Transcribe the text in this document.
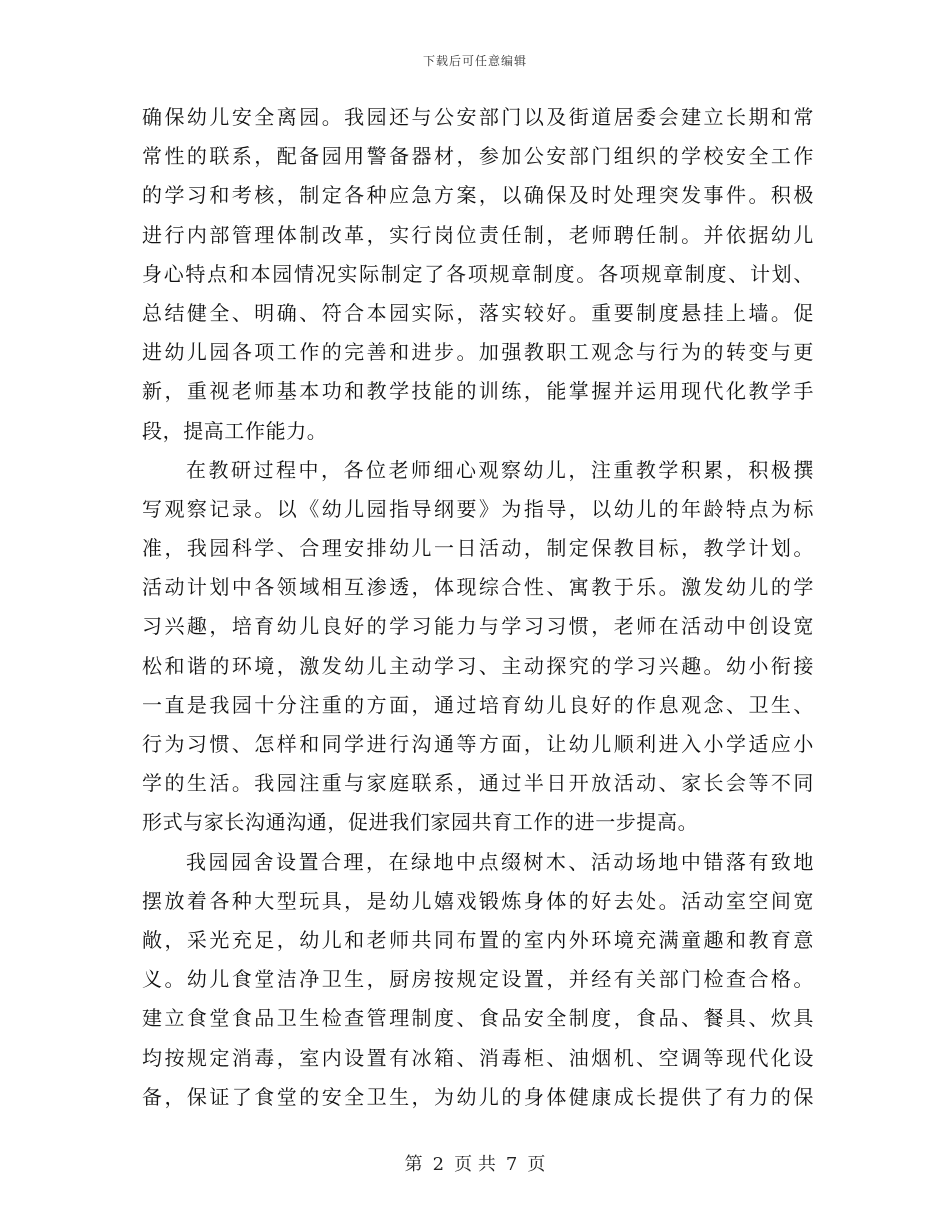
下载后可任意编辑
确保幼儿安全离园。我园还与公安部门以及街道居委会建立长期和常
常性的联系，配备园用警备器材，参加公安部门组织的学校安全工作
的学习和考核，制定各种应急方案，以确保及时处理突发事件。积极
进行内部管理体制改革，实行岗位责任制，老师聘任制。并依据幼儿
身心特点和本园情况实际制定了各项规章制度。各项规章制度、计划、
总结健全、明确、符合本园实际，落实较好。重要制度悬挂上墙。促
进幼儿园各项工作的完善和进步。加强教职工观念与行为的转变与更
新，重视老师基本功和教学技能的训练，能掌握并运用现代化教学手
段，提高工作能力。
在教研过程中，各位老师细心观察幼儿，注重教学积累，积极撰
写观察记录。以《幼儿园指导纲要》为指导，以幼儿的年龄特点为标
准，我园科学、合理安排幼儿一日活动，制定保教目标，教学计划。
活动计划中各领域相互渗透，体现综合性、寓教于乐。激发幼儿的学
习兴趣，培育幼儿良好的学习能力与学习习惯，老师在活动中创设宽
松和谐的环境，激发幼儿主动学习、主动探究的学习兴趣。幼小衔接
一直是我园十分注重的方面，通过培育幼儿良好的作息观念、卫生、
行为习惯、怎样和同学进行沟通等方面，让幼儿顺利进入小学适应小
学的生活。我园注重与家庭联系，通过半日开放活动、家长会等不同
形式与家长沟通沟通，促进我们家园共育工作的进一步提高。
我园园舍设置合理，在绿地中点缀树木、活动场地中错落有致地
摆放着各种大型玩具，是幼儿嬉戏锻炼身体的好去处。活动室空间宽
敞，采光充足，幼儿和老师共同布置的室内外环境充满童趣和教育意
义。幼儿食堂洁净卫生，厨房按规定设置，并经有关部门检查合格。
建立食堂食品卫生检查管理制度、食品安全制度，食品、餐具、炊具
均按规定消毒，室内设置有冰箱、消毒柜、油烟机、空调等现代化设
备，保证了食堂的安全卫生，为幼儿的身体健康成长提供了有力的保
第 2 页 共 7 页
